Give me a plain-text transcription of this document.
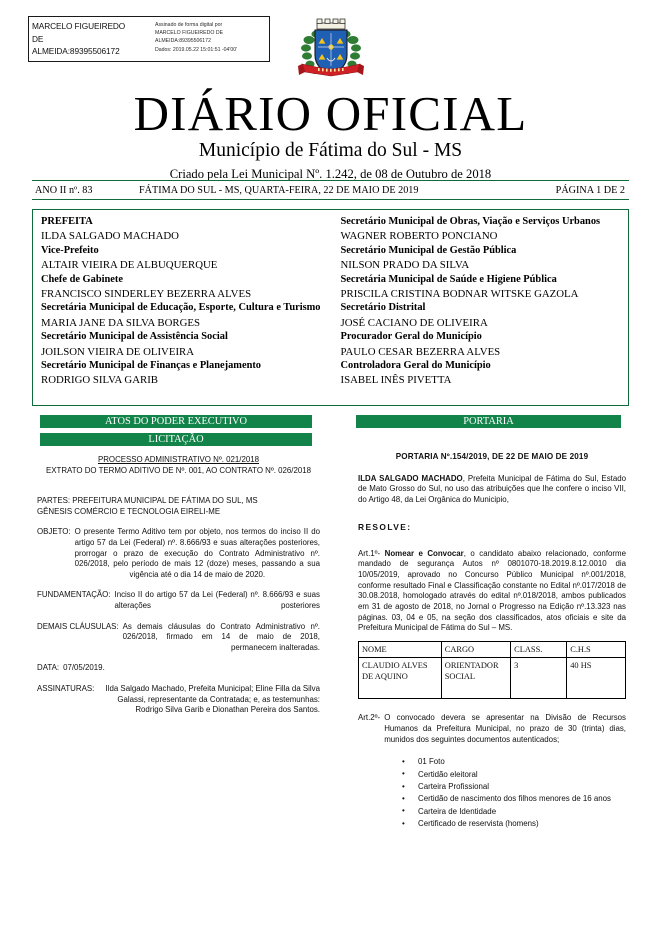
MARCELO FIGUEIREDO
DE
ALMEIDA:89395506172
Assinado de forma digital por
MARCELO FIGUEIREDO DE
ALMEIDA:89395506172
Dados: 2019.05.22 15:01:51 -04'00'
DIÁRIO OFICIAL
Município de Fátima do Sul - MS
Criado pela Lei Municipal Nº. 1.242, de 08 de Outubro de 2018
ANO II nº. 83	FÁTIMA DO SUL - MS, QUARTA-FEIRA, 22 DE MAIO DE 2019	PÁGINA 1 DE 2
PREFEITA
ILDA SALGADO MACHADO
Vice-Prefeito
ALTAIR VIEIRA DE ALBUQUERQUE
Chefe de Gabinete
FRANCISCO SINDERLEY BEZERRA ALVES
Secretária Municipal de Educação, Esporte, Cultura e Turismo
MARIA JANE DA SILVA BORGES
Secretário Municipal de Assistência Social
JOILSON VIEIRA DE OLIVEIRA
Secretário Municipal de Finanças e Planejamento
RODRIGO SILVA GARIB
Secretário Municipal de Obras, Viação e Serviços Urbanos
WAGNER ROBERTO PONCIANO
Secretário Municipal de Gestão Pública
NILSON PRADO DA SILVA
Secretária Municipal de Saúde e Higiene Pública
PRISCILA CRISTINA BODNAR WITSKE GAZOLA
Secretário Distrital
JOSÉ CACIANO DE OLIVEIRA
Procurador Geral do Município
PAULO CESAR BEZERRA ALVES
Controladora Geral do Município
ISABEL INÊS PIVETTA
ATOS DO PODER EXECUTIVO
LICITAÇÃO
PORTARIA
PROCESSO ADMINISTRATIVO Nº. 021/2018
EXTRATO DO TERMO ADITIVO DE Nº. 001, AO CONTRATO Nº. 026/2018
PARTES: PREFEITURA MUNICIPAL DE FÁTIMA DO SUL, MS
GÊNESIS COMÉRCIO E TECNOLOGIA EIRELI-ME
OBJETO: O presente Termo Aditivo tem por objeto, nos termos do inciso II do artigo 57 da Lei (Federal) nº. 8.666/93 e suas alterações posteriores, prorrogar o prazo de execução do Contrato Administrativo nº. 026/2018, pelo período de mais 12 (doze) meses, passando a sua vigência até o dia 14 de maio de 2020.
FUNDAMENTAÇÃO: Inciso II do artigo 57 da Lei (Federal) nº. 8.666/93 e suas alterações posteriores
DEMAIS CLÁUSULAS: As demais cláusulas do Contrato Administrativo nº. 026/2018, firmado em 14 de maio de 2018, permanecem inalteradas.
DATA: 07/05/2019.
ASSINATURAS:	Ilda Salgado Machado, Prefeita Municipal; Eline Filla da Silva Galassi, representante da Contratada; e, as testemunhas: Rodrigo Silva Garib e Dionathan Pereira dos Santos.
PORTARIA Nº.154/2019, DE 22 DE MAIO DE 2019
ILDA SALGADO MACHADO, Prefeita Municipal de Fátima do Sul, Estado de Mato Grosso do Sul, no uso das atribuições que lhe confere o inciso VII, do Artigo 48, da Lei Orgânica do Municipio,
RESOLVE:
Art.1º- Nomear e Convocar, o candidato abaixo relacionado, conforme mandado de segurança Autos nº 0801070-18.2019.8.12.0010 dia 10/05/2019, aprovado no Concurso Público Municipal nº.001/2018, conforme resultado Final e Classificação constante no Edital nº.017/2018 de 30.08.2018, homologado através do edital nº.018/2018, ambos publicados em 31 de agosto de 2018, no Jornal o Progresso na Edição nº.13.323 nas páginas. 03, 04 e 05, na seção dos classificados, atos oficiais e site da Prefeitura Municipal de Fátima do Sul – MS.
NOME	CARGO	CLASS.	C.H.S
CLAUDIO ALVES DE AQUINO	ORIENTADOR SOCIAL	3	40 HS
Art.2º- O convocado devera se apresentar na Divisão de Recursos Humanos da Prefeitura Municipal, no prazo de 30 (trinta) dias, munidos dos seguintes documentos autenticados;
• 01 Foto
• Certidão eleitoral
• Carteira Profissional
• Certidão de nascimento dos filhos menores de 16 anos
• Carteira de Identidade
• Certificado de reservista (homens)
